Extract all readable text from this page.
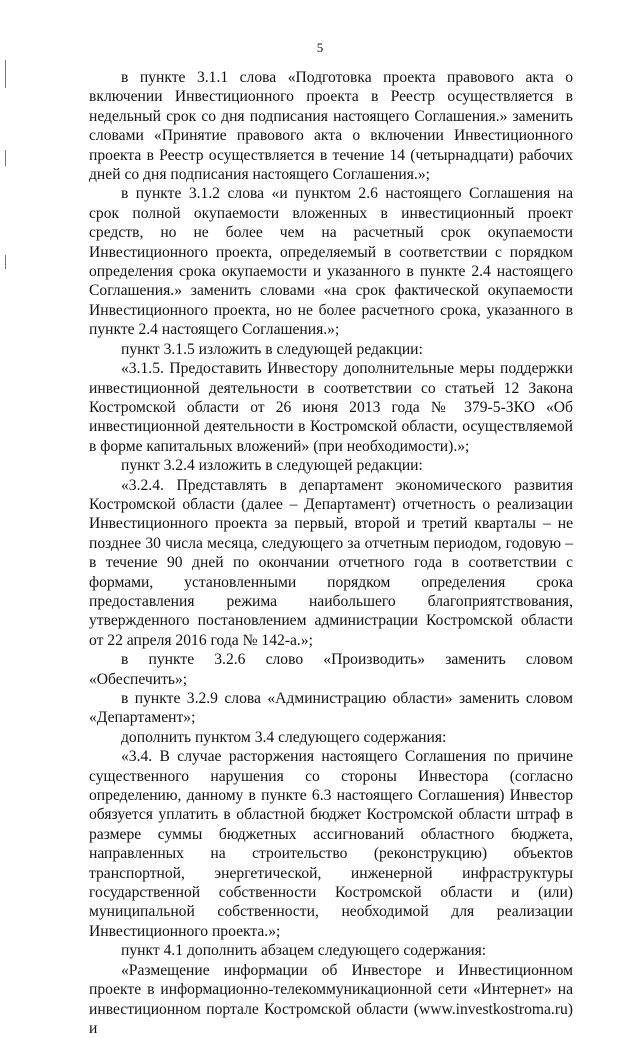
5

в пункте 3.1.1 слова «Подготовка проекта правового акта о включении Инвестиционного проекта в Реестр осуществляется в недельный срок со дня подписания настоящего Соглашения.» заменить словами «Принятие правового акта о включении Инвестиционного проекта в Реестр осуществляется в течение 14 (четырнадцати) рабочих дней со дня подписания настоящего Соглашения.»;

в пункте 3.1.2 слова «и пунктом 2.6 настоящего Соглашения на срок полной окупаемости вложенных в инвестиционный проект средств, но не более чем на расчетный срок окупаемости Инвестиционного проекта, определяемый в соответствии с порядком определения срока окупаемости и указанного в пункте 2.4 настоящего Соглашения.» заменить словами «на срок фактической окупаемости Инвестиционного проекта, но не более расчетного срока, указанного в пункте 2.4 настоящего Соглашения.»;

пункт 3.1.5 изложить в следующей редакции:

«3.1.5. Предоставить Инвестору дополнительные меры поддержки инвестиционной деятельности в соответствии со статьей 12 Закона Костромской области от 26 июня 2013 года № 379-5-ЗКО «Об инвестиционной деятельности в Костромской области, осуществляемой в форме капитальных вложений» (при необходимости).»;

пункт 3.2.4 изложить в следующей редакции:

«3.2.4. Представлять в департамент экономического развития Костромской области (далее – Департамент) отчетность о реализации Инвестиционного проекта за первый, второй и третий кварталы – не позднее 30 числа месяца, следующего за отчетным периодом, годовую – в течение 90 дней по окончании отчетного года в соответствии с формами, установленными порядком определения срока предоставления режима наибольшего благоприятствования, утвержденного постановлением администрации Костромской области от 22 апреля 2016 года № 142-а.»;

в пункте 3.2.6 слово «Производить» заменить словом «Обеспечить»;

в пункте 3.2.9 слова «Администрацию области» заменить словом «Департамент»;

дополнить пунктом 3.4 следующего содержания:

«3.4. В случае расторжения настоящего Соглашения по причине существенного нарушения со стороны Инвестора (согласно определению, данному в пункте 6.3 настоящего Соглашения) Инвестор обязуется уплатить в областной бюджет Костромской области штраф в размере суммы бюджетных ассигнований областного бюджета, направленных на строительство (реконструкцию) объектов транспортной, энергетической, инженерной инфраструктуры государственной собственности Костромской области и (или) муниципальной собственности, необходимой для реализации Инвестиционного проекта.»;

пункт 4.1 дополнить абзацем следующего содержания:

«Размещение информации об Инвесторе и Инвестиционном проекте в информационно-телекоммуникационной сети «Интернет» на инвестиционном портале Костромской области (www.investkostroma.ru) и
